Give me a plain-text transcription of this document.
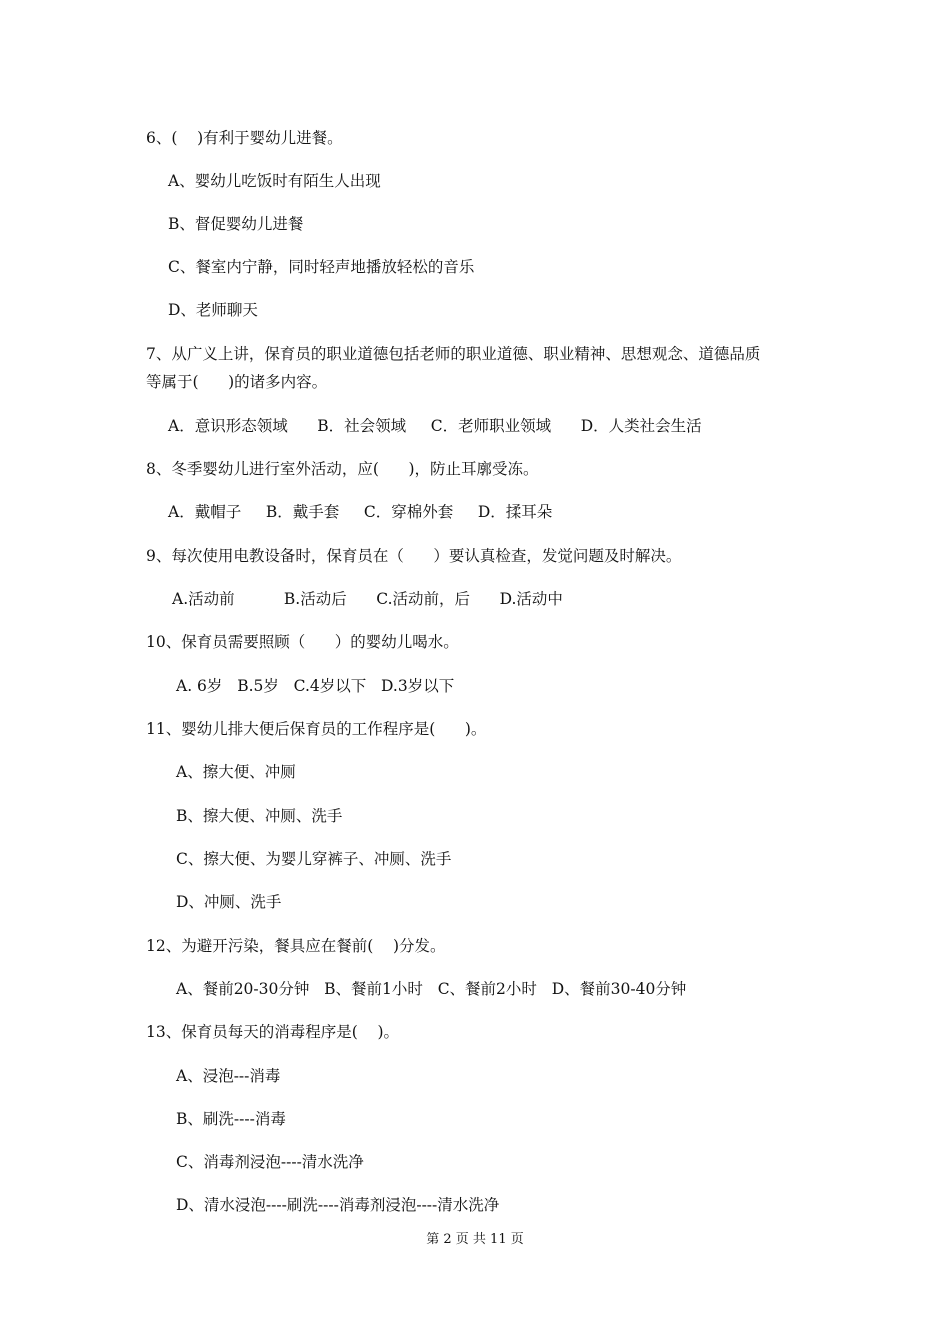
6、(    )有利于婴幼儿进餐。
A、婴幼儿吃饭时有陌生人出现
B、督促婴幼儿进餐
C、餐室内宁静，同时轻声地播放轻松的音乐
D、老师聊天
7、从广义上讲，保育员的职业道德包括老师的职业道德、职业精神、思想观念、道德品质
等属于(      )的诸多内容。
A．意识形态领域      B．社会领域     C．老师职业领域      D．人类社会生活
8、冬季婴幼儿进行室外活动，应(      )，防止耳廓受冻。
A．戴帽子     B．戴手套     C．穿棉外套     D．揉耳朵
9、每次使用电教设备时，保育员在（      ）要认真检查，发觉问题及时解决。
A.活动前          B.活动后      C.活动前，后      D.活动中
10、保育员需要照顾（      ）的婴幼儿喝水。
A. 6岁   B.5岁   C.4岁以下   D.3岁以下
11、婴幼儿排大便后保育员的工作程序是(      )。
A、擦大便、冲厕
B、擦大便、冲厕、洗手
C、擦大便、为婴儿穿裤子、冲厕、洗手
D、冲厕、洗手
12、为避开污染，餐具应在餐前(    )分发。
A、餐前20-30分钟   B、餐前1小时   C、餐前2小时   D、餐前30-40分钟
13、保育员每天的消毒程序是(    )。
A、浸泡---消毒
B、刷洗----消毒
C、消毒剂浸泡----清水洗净
D、清水浸泡----刷洗----消毒剂浸泡----清水洗净
第 2 页 共 11 页
